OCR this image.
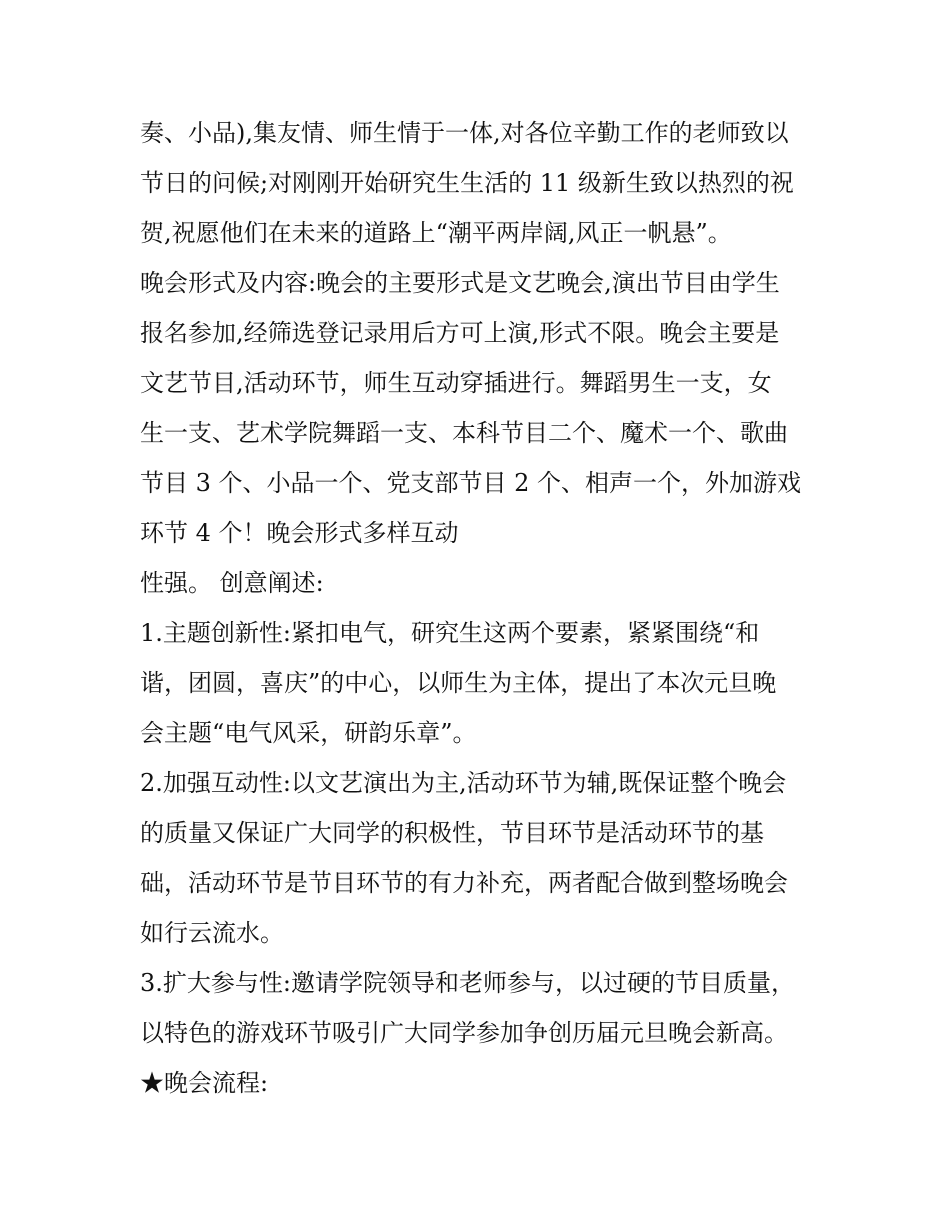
奏、小品),集友情、师生情于一体,对各位辛勤工作的老师致以
节日的问候;对刚刚开始研究生生活的 11 级新生致以热烈的祝
贺,祝愿他们在未来的道路上“潮平两岸阔,风正一帆悬”。
晚会形式及内容:晚会的主要形式是文艺晚会,演出节目由学生
报名参加,经筛选登记录用后方可上演,形式不限。晚会主要是
文艺节目,活动环节，师生互动穿插进行。舞蹈男生一支，女
生一支、艺术学院舞蹈一支、本科节目二个、魔术一个、歌曲
节目 3 个、小品一个、党支部节目 2 个、相声一个，外加游戏
环节 4 个！晚会形式多样互动
性强。 创意阐述:
1.主题创新性:紧扣电气，研究生这两个要素，紧紧围绕“和
谐，团圆，喜庆”的中心，以师生为主体，提出了本次元旦晚
会主题“电气风采，研韵乐章”。
2.加强互动性:以文艺演出为主,活动环节为辅,既保证整个晚会
的质量又保证广大同学的积极性，节目环节是活动环节的基
础，活动环节是节目环节的有力补充，两者配合做到整场晚会
如行云流水。
3.扩大参与性:邀请学院领导和老师参与，以过硬的节目质量，
以特色的游戏环节吸引广大同学参加争创历届元旦晚会新高。
★晚会流程:
